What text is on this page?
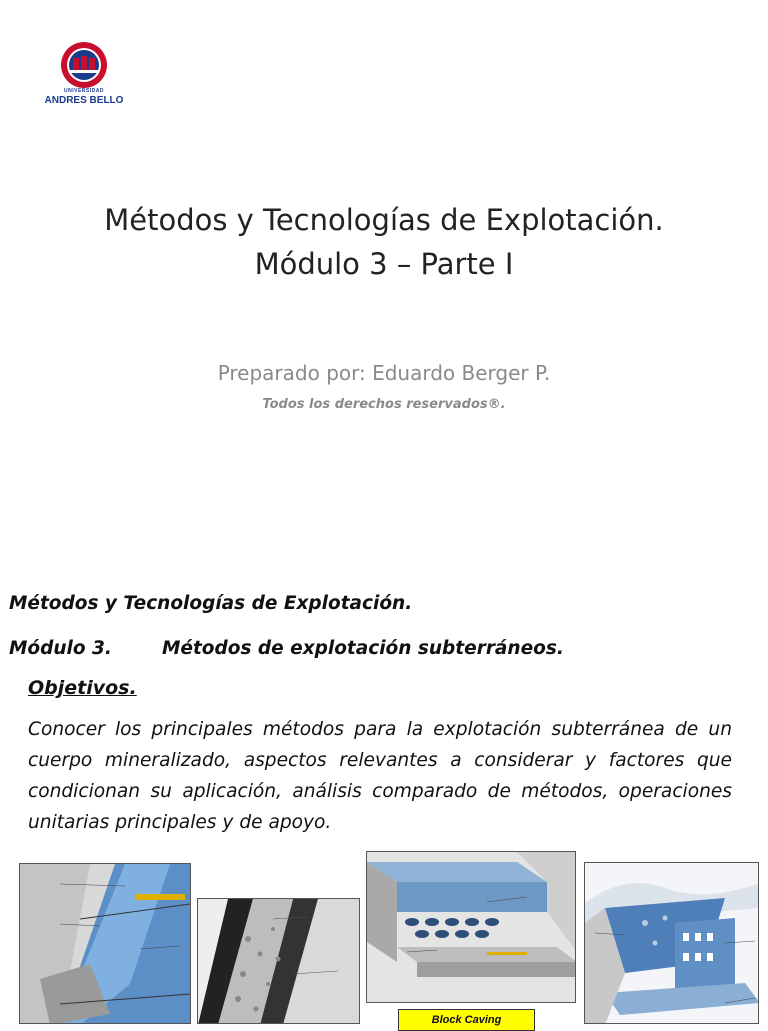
UNIVERSIDAD
ANDRES BELLO
Métodos y Tecnologías de Explotación.
Módulo 3 – Parte I
Preparado por: Eduardo Berger P.
Todos los derechos reservados®.
Métodos y Tecnologías de Explotación.
Módulo 3.	Métodos de explotación subterráneos.
Objetivos.
Conocer los principales métodos para la explotación subterránea de un cuerpo mineralizado, aspectos relevantes a considerar y factores que condicionan su aplicación, análisis comparado de métodos, operaciones unitarias principales y de apoyo.
Block Caving
